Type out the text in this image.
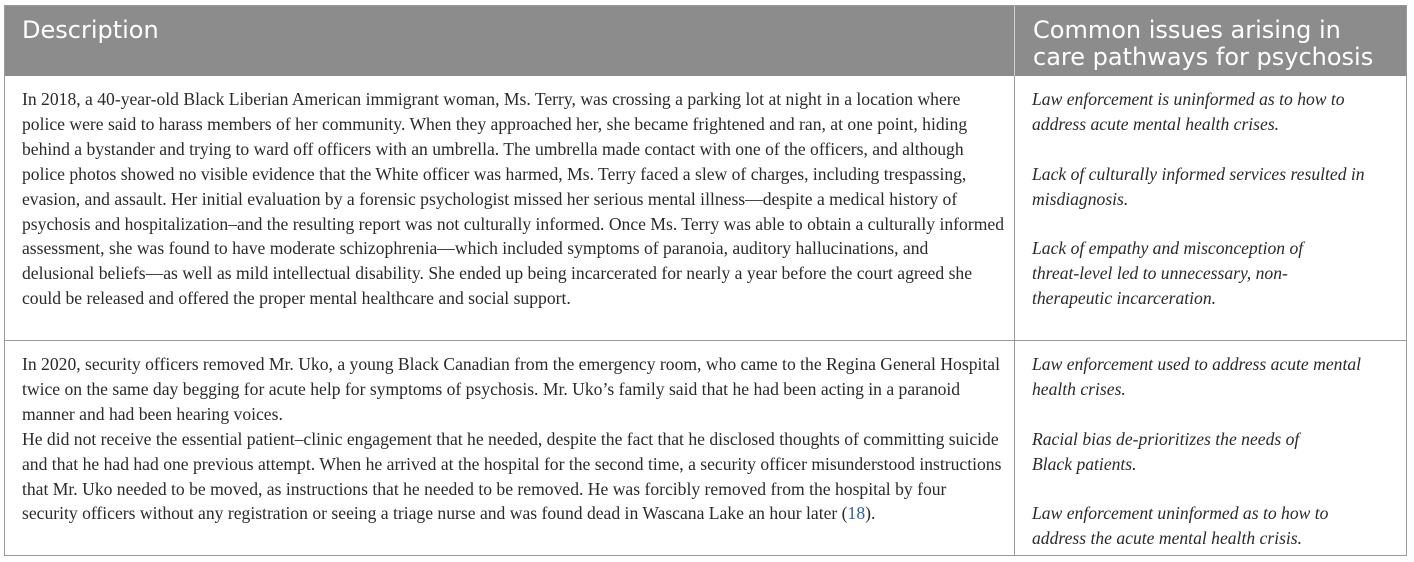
Description	Common issues arising in care pathways for psychosis

In 2018, a 40-year-old Black Liberian American immigrant woman, Ms. Terry, was crossing a parking lot at night in a location where police were said to harass members of her community. When they approached her, she became frightened and ran, at one point, hiding behind a bystander and trying to ward off officers with an umbrella. The umbrella made contact with one of the officers, and although police photos showed no visible evidence that the White officer was harmed, Ms. Terry faced a slew of charges, including trespassing, evasion, and assault. Her initial evaluation by a forensic psychologist missed her serious mental illness—despite a medical history of psychosis and hospitalization–and the resulting report was not culturally informed. Once Ms. Terry was able to obtain a culturally informed assessment, she was found to have moderate schizophrenia—which included symptoms of paranoia, auditory hallucinations, and delusional beliefs—as well as mild intellectual disability. She ended up being incarcerated for nearly a year before the court agreed she could be released and offered the proper mental healthcare and social support.

Law enforcement is uninformed as to how to address acute mental health crises.

Lack of culturally informed services resulted in misdiagnosis.

Lack of empathy and misconception of threat-level led to unnecessary, non-therapeutic incarceration.

In 2020, security officers removed Mr. Uko, a young Black Canadian from the emergency room, who came to the Regina General Hospital twice on the same day begging for acute help for symptoms of psychosis. Mr. Uko’s family said that he had been acting in a paranoid manner and had been hearing voices.

He did not receive the essential patient–clinic engagement that he needed, despite the fact that he disclosed thoughts of committing suicide and that he had had one previous attempt. When he arrived at the hospital for the second time, a security officer misunderstood instructions that Mr. Uko needed to be moved, as instructions that he needed to be removed. He was forcibly removed from the hospital by four security officers without any registration or seeing a triage nurse and was found dead in Wascana Lake an hour later (18).

Law enforcement used to address acute mental health crises.

Racial bias de-prioritizes the needs of Black patients.

Law enforcement uninformed as to how to address the acute mental health crisis.
